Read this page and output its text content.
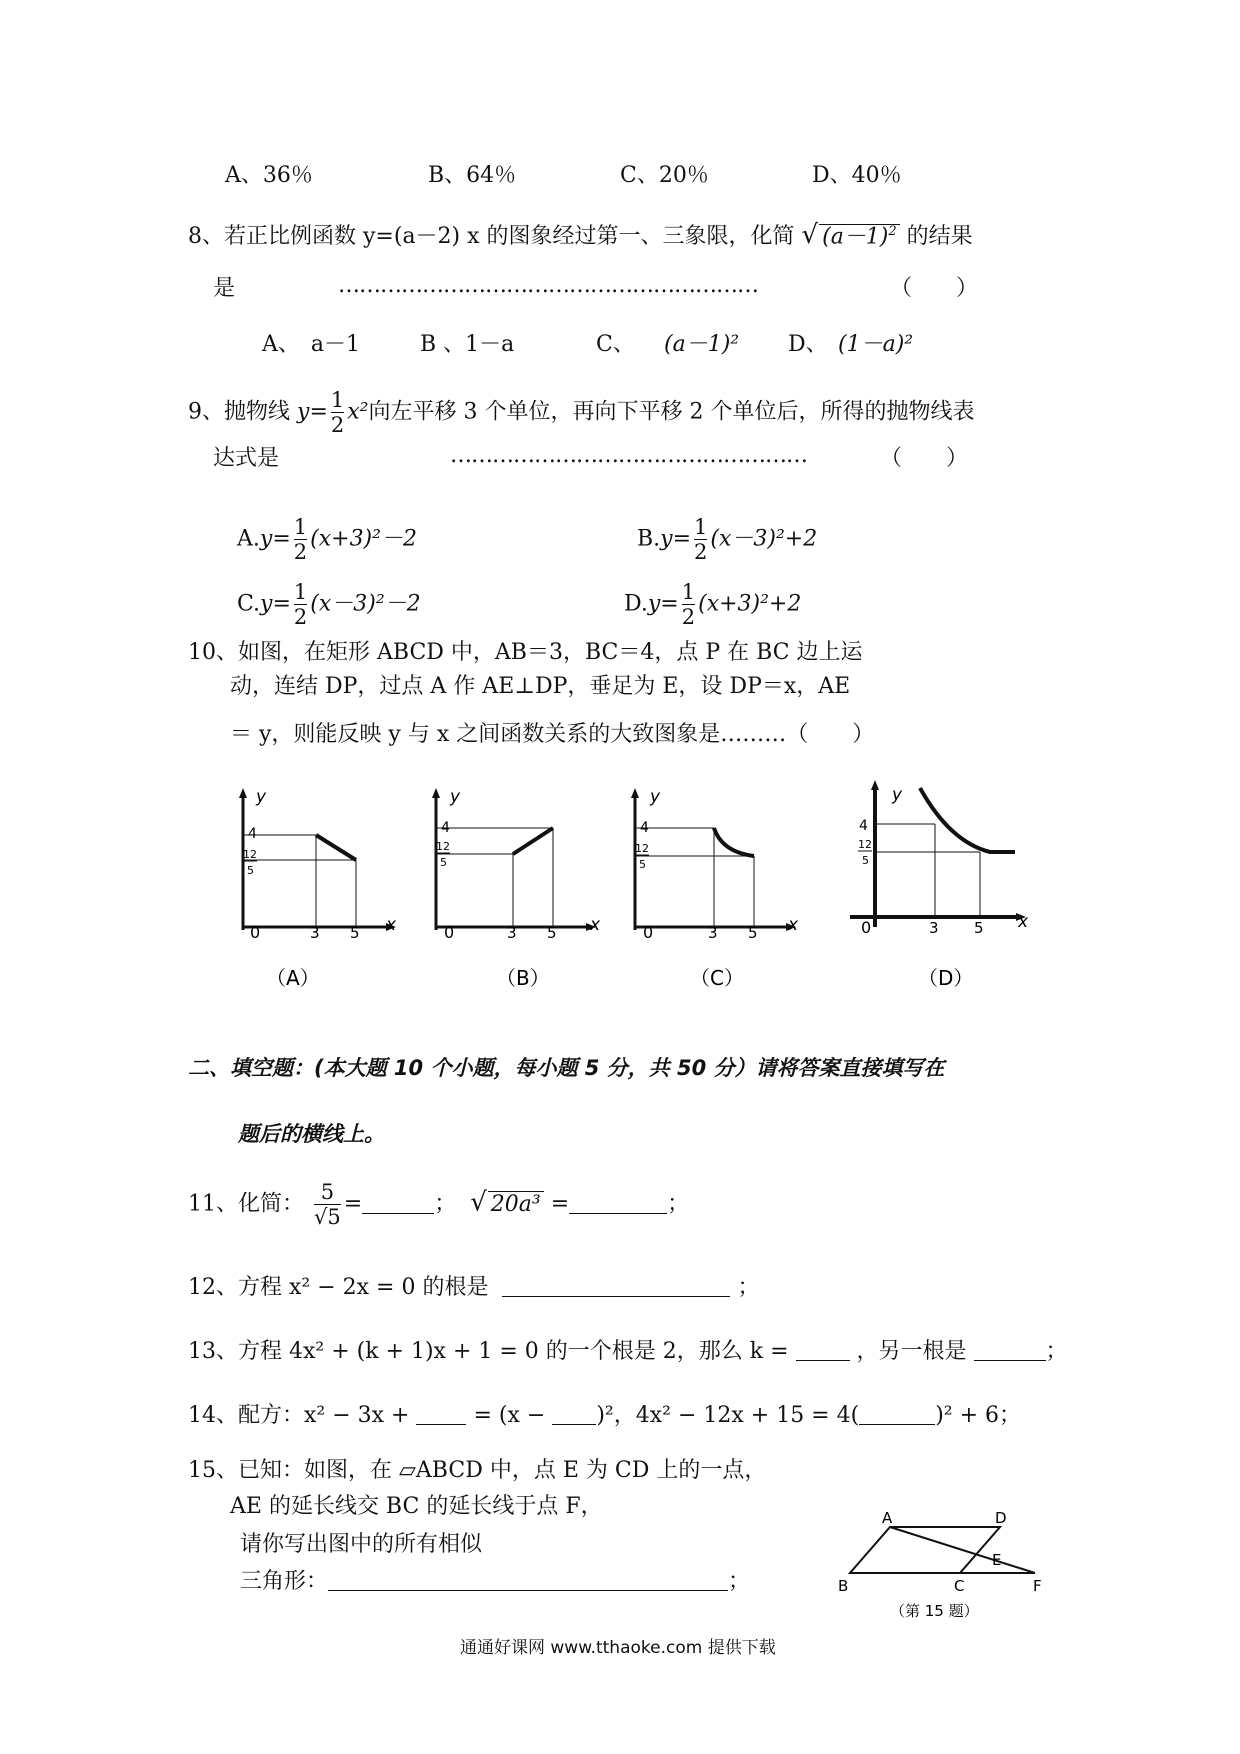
A、36％	B、64％	C、20％	D、40％
8、若正比例函数 y=(a－2) x 的图象经过第一、三象限，化简 √ $(a-1)^2$ 的结果
是	……………………………………………………	（　　）
A、　a－1	B 、1－a	C、 (a－1)² D、 (1－a)²
9、抛物线 $y= \frac{1}{2} x^2$向左平移 3 个单位，再向下平移 2 个单位后，所得的抛物线表
达式是	……………………………………………	（　　）
$A.y= \frac{1}{2} (x+3)^2-2$	$B.y= \frac{1}{2} (x-3)^2+2$
$C.y= \frac{1}{2} (x-3)^2-2$	$D.y= \frac{1}{2} (x+3)^2+2$
10、如图，在矩形 ABCD 中，AB＝3，BC＝4，点 P 在 BC 边上运
动，连结 DP，过点 A 作 AE⊥DP，垂足为 E，设 DP＝x，AE
＝ y，则能反映 y 与 x 之间函数关系的大致图象是………（　　）
y
x
0	3 5
4
12
5
y
x
0	3 5
4
12
5
y
x
0	3 5
4
12
5
y
x
0	3 5
4
12
5
（A）	（B）	（C）	（D）
二、填空题：(本大题 10 个小题，每小题 5 分，共 50 分）请将答案直接填写在
题后的横线上。
11、化简： $\frac{5}{√5}$ =	； √ 20a³ =	；
12、方程 x² − 2x = 0 的根是	；
13、方程 4x² + (k + 1)x + 1 = 0 的一个根是 2，那么 k =	，另一根是	；
14、配方：x² − 3x +	= (x − )²，4x² − 12x + 15 = 4(	)² + 6；
15、已知：如图，在 ▱ABCD 中，点 E 为 CD 上的一点，
AE 的延长线交 BC 的延长线于点 F，
请你写出图中的所有相似
三角形：	；
A	D
E
B	C	F
（第 15 题）
通通好课网 www.tthaoke.com 提供下载
